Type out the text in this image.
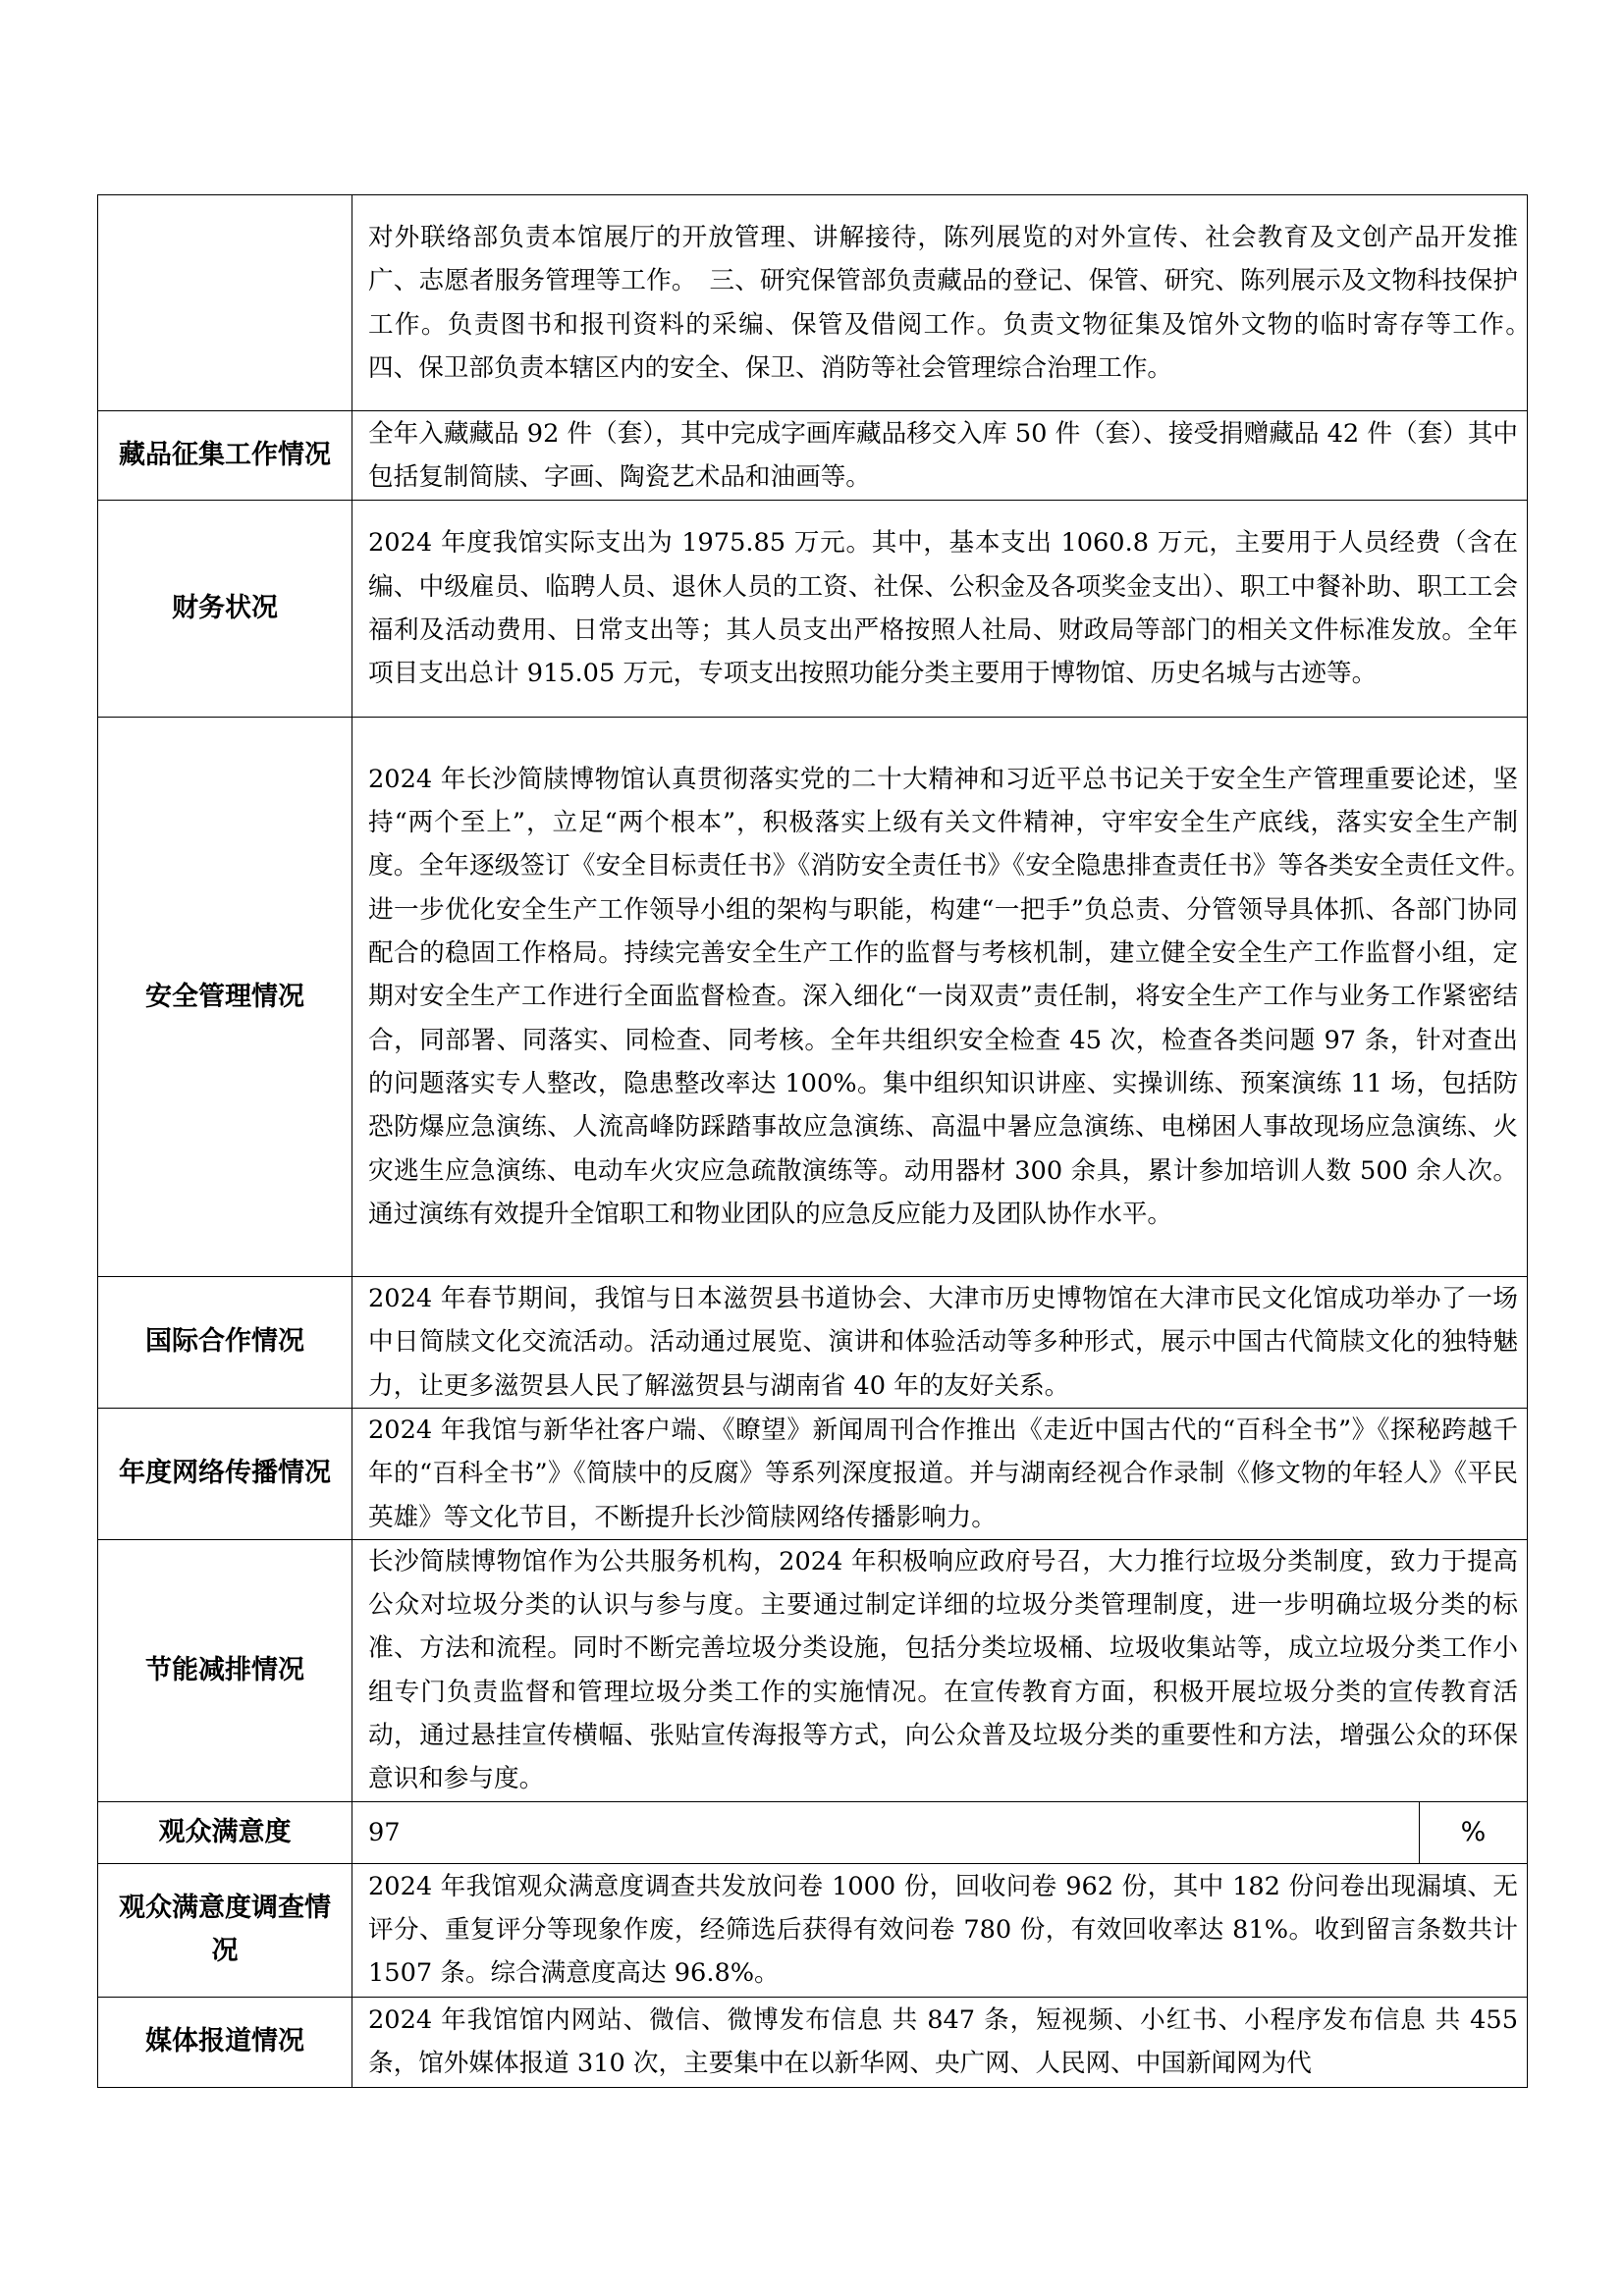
	对外联络部负责本馆展厅的开放管理、讲解接待，陈列展览的对外宣传、社会教育及文创产品开发推广、志愿者服务管理等工作。　三、研究保管部负责藏品的登记、保管、研究、陈列展示及文物科技保护工作。负责图书和报刊资料的采编、保管及借阅工作。负责文物征集及馆外文物的临时寄存等工作。　四、保卫部负责本辖区内的安全、保卫、消防等社会管理综合治理工作。	
藏品征集工作情况	全年入藏藏品 92 件（套），其中完成字画库藏品移交入库 50 件（套）、接受捐赠藏品 42 件（套）其中包括复制简牍、字画、陶瓷艺术品和油画等。	
财务状况	2024 年度我馆实际支出为 1975.85 万元。其中，基本支出 1060.8 万元，主要用于人员经费（含在编、中级雇员、临聘人员、退休人员的工资、社保、公积金及各项奖金支出）、职工中餐补助、职工工会福利及活动费用、日常支出等；其人员支出严格按照人社局、财政局等部门的相关文件标准发放。全年项目支出总计 915.05 万元，专项支出按照功能分类主要用于博物馆、历史名城与古迹等。	
安全管理情况	2024 年长沙简牍博物馆认真贯彻落实党的二十大精神和习近平总书记关于安全生产管理重要论述，坚持“两个至上”，立足“两个根本”，积极落实上级有关文件精神，守牢安全生产底线，落实安全生产制度。全年逐级签订《安全目标责任书》《消防安全责任书》《安全隐患排查责任书》等各类安全责任文件。　进一步优化安全生产工作领导小组的架构与职能，构建“一把手”负总责、分管领导具体抓、各部门协同配合的稳固工作格局。持续完善安全生产工作的监督与考核机制，建立健全安全生产工作监督小组，定期对安全生产工作进行全面监督检查。深入细化“一岗双责”责任制，将安全生产工作与业务工作紧密结合，同部署、同落实、同检查、同考核。全年共组织安全检查 45 次，检查各类问题 97 条，针对查出的问题落实专人整改，隐患整改率达 100%。集中组织知识讲座、实操训练、预案演练 11 场，包括防恐防爆应急演练、人流高峰防踩踏事故应急演练、高温中暑应急演练、电梯困人事故现场应急演练、火灾逃生应急演练、电动车火灾应急疏散演练等。动用器材 300 余具，累计参加培训人数 500 余人次。通过演练有效提升全馆职工和物业团队的应急反应能力及团队协作水平。	
国际合作情况	2024 年春节期间，我馆与日本滋贺县书道协会、大津市历史博物馆在大津市民文化馆成功举办了一场中日简牍文化交流活动。活动通过展览、演讲和体验活动等多种形式，展示中国古代简牍文化的独特魅力，让更多滋贺县人民了解滋贺县与湖南省 40 年的友好关系。	
年度网络传播情况	2024 年我馆与新华社客户端、《瞭望》新闻周刊合作推出《走近中国古代的“百科全书”》《探秘跨越千年的“百科全书”》《简牍中的反腐》等系列深度报道。并与湖南经视合作录制《修文物的年轻人》《平民英雄》等文化节目，不断提升长沙简牍网络传播影响力。	
节能减排情况	长沙简牍博物馆作为公共服务机构，2024 年积极响应政府号召，大力推行垃圾分类制度，致力于提高公众对垃圾分类的认识与参与度。主要通过制定详细的垃圾分类管理制度，进一步明确垃圾分类的标准、方法和流程。同时不断完善垃圾分类设施，包括分类垃圾桶、垃圾收集站等，成立垃圾分类工作小组专门负责监督和管理垃圾分类工作的实施情况。在宣传教育方面，积极开展垃圾分类的宣传教育活动，通过悬挂宣传横幅、张贴宣传海报等方式，向公众普及垃圾分类的重要性和方法，增强公众的环保意识和参与度。	
观众满意度	97	%
观众满意度调查情况	2024 年我馆观众满意度调查共发放问卷 1000 份，回收问卷 962 份，其中 182 份问卷出现漏填、无评分、重复评分等现象作废，经筛选后获得有效问卷 780 份，有效回收率达 81%。收到留言条数共计 1507 条。综合满意度高达 96.8%。	
媒体报道情况	2024 年我馆馆内网站、微信、微博发布信息 共 847 条，短视频、小红书、小程序发布信息 共 455 条，馆外媒体报道 310 次，主要集中在以新华网、央广网、人民网、中国新闻网为代	
